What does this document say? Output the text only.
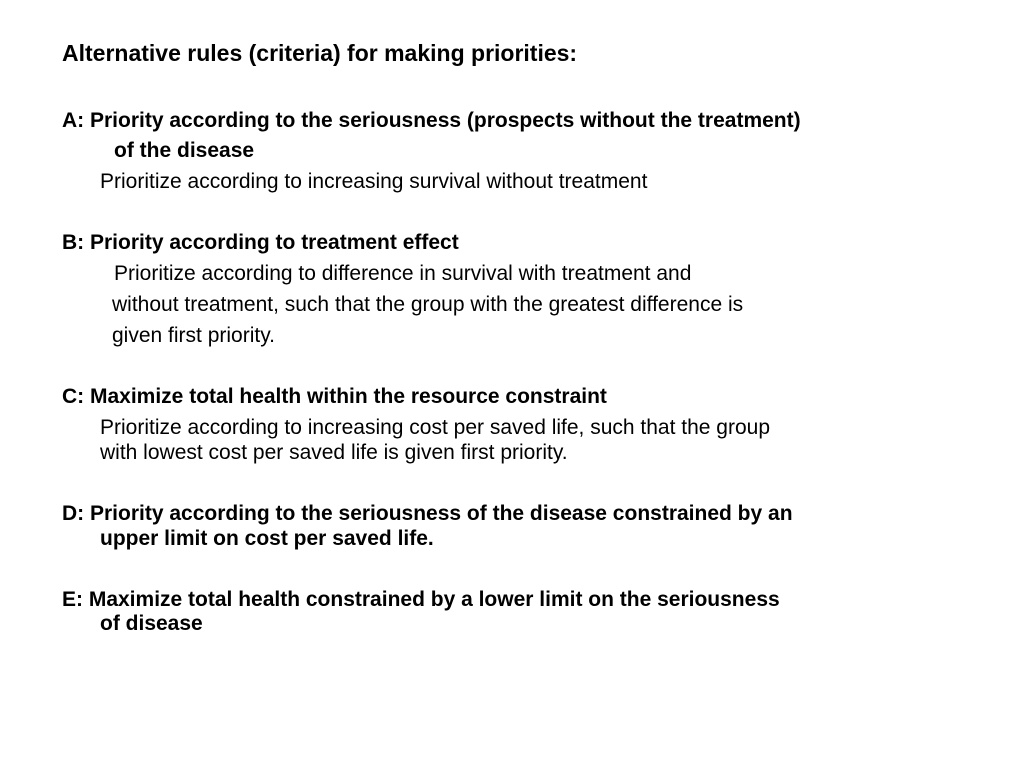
Alternative rules (criteria) for making priorities:
A: Priority according to the seriousness (prospects without the treatment)
of the disease
Prioritize according to increasing survival without treatment
B: Priority according to treatment effect
Prioritize according to difference in survival with treatment and
without treatment, such that the group with the greatest difference is
given first priority.
C: Maximize total health within the resource constraint
Prioritize according to increasing cost per saved life, such that the group
with lowest cost per saved life is given first priority.
D: Priority according to the seriousness of the disease constrained by an
upper limit on cost per saved life.
E: Maximize total health constrained by a lower limit on the seriousness
of disease
